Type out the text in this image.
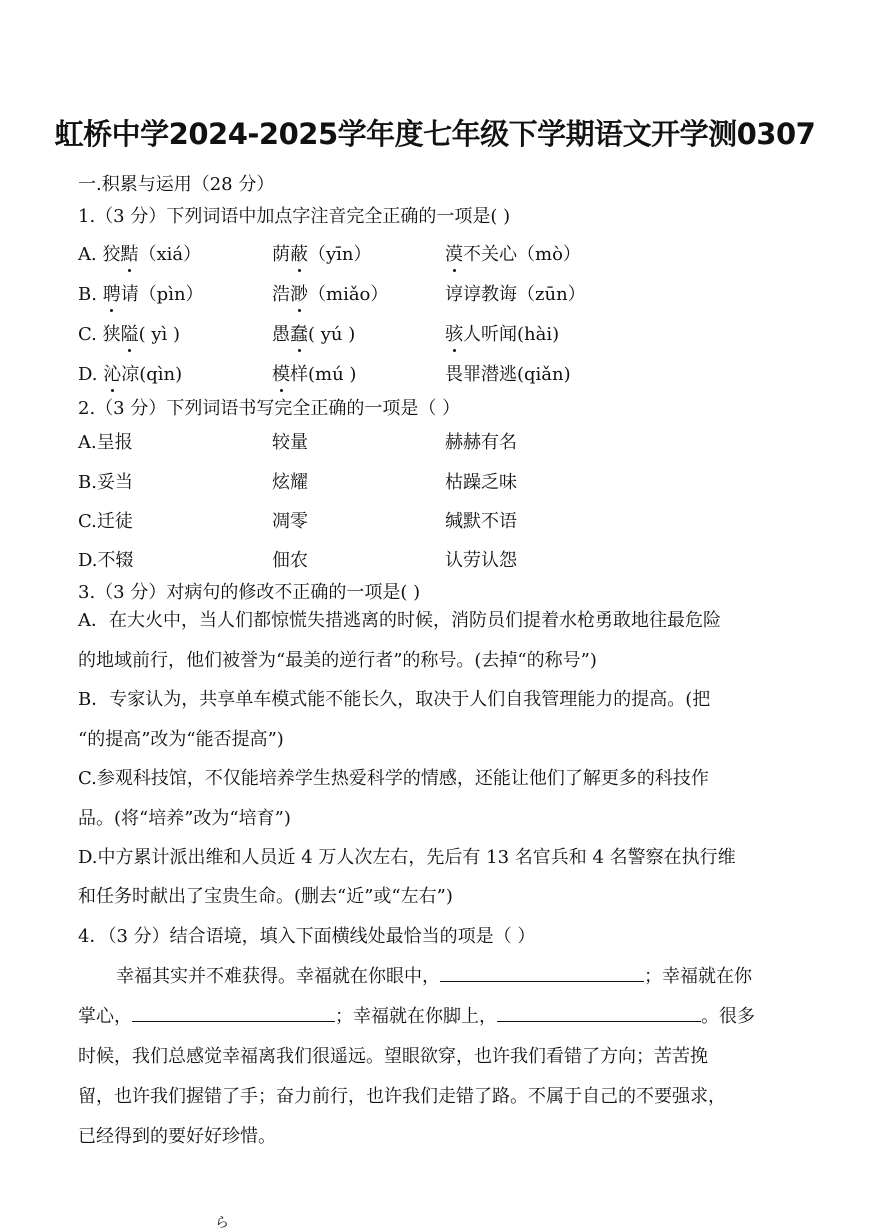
虹桥中学2024-2025学年度七年级下学期语文开学测0307
一.积累与运用（28 分）
1.（3 分）下列词语中加点字注音完全正确的一项是( )
A. 狡黠（xiá）	荫蔽（yīn）	漠不关心（mò）
B. 聘请（pìn）	浩渺（miǎo）	谆谆教诲（zūn）
C. 狭隘( yì )	愚蠢( yú )	骇人听闻(hài)
D. 沁凉(qìn)	模样(mú )	畏罪潜逃(qiǎn)
2.（3 分）下列词语书写完全正确的一项是（ ）
A.呈报	较量	赫赫有名
B.妥当	炫耀	枯躁乏味
C.迁徒	凋零	缄默不语
D.不辍	佃农	认劳认怨
3.（3 分）对病句的修改不正确的一项是( )
A．在大火中，当人们都惊慌失措逃离的时候，消防员们提着水枪勇敢地往最危险
的地域前行，他们被誉为“最美的逆行者”的称号。(去掉“的称号”)
B．专家认为，共享单车模式能不能长久，取决于人们自我管理能力的提高。(把
“的提高”改为“能否提高”)
C.参观科技馆，不仅能培养学生热爱科学的情感，还能让他们了解更多的科技作
品。(将“培养”改为“培育”)
D.中方累计派出维和人员近 4 万人次左右，先后有 13 名官兵和 4 名警察在执行维
和任务时献出了宝贵生命。(删去“近”或“左右”)
4．（3 分）结合语境，填入下面横线处最恰当的项是（ ）
幸福其实并不难获得。幸福就在你眼中，	；幸福就在你
掌心，	；幸福就在你脚上，	。很多
时候，我们总感觉幸福离我们很遥远。望眼欲穿，也许我们看错了方向；苦苦挽
留，也许我们握错了手；奋力前行，也许我们走错了路。不属于自己的不要强求，
已经得到的要好好珍惜。
ら
